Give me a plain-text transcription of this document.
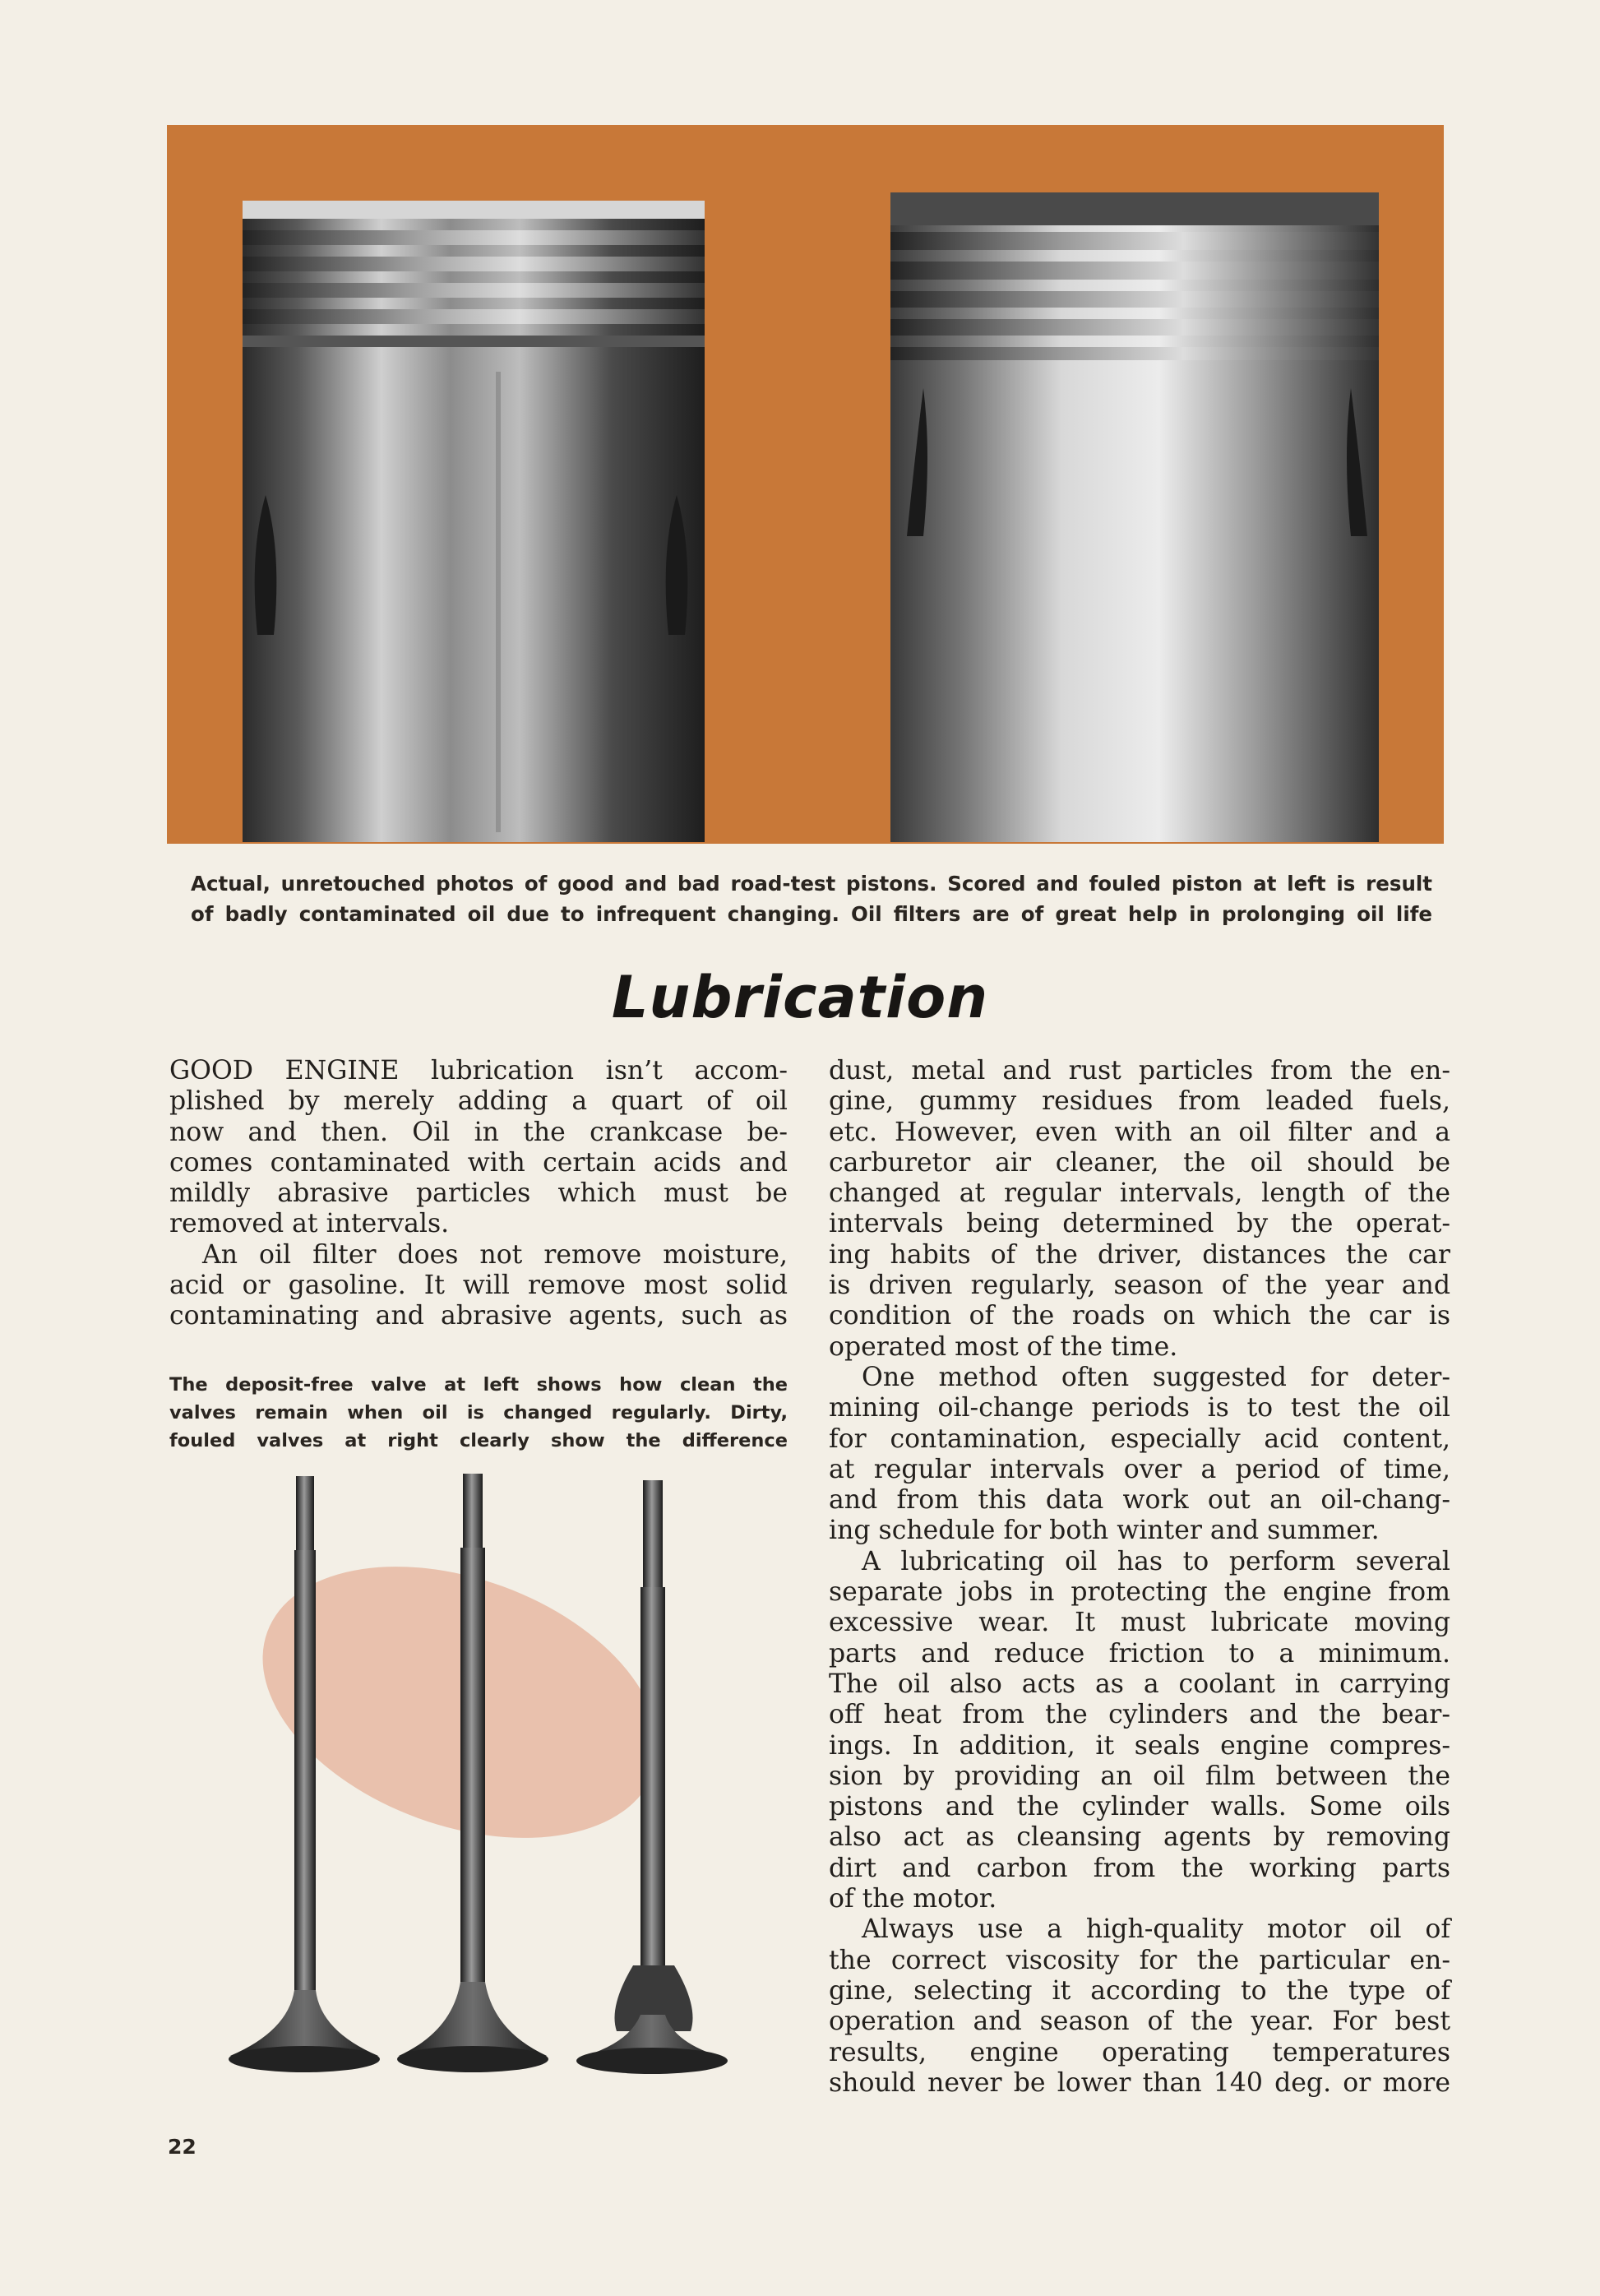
Actual, unretouched photos of good and bad road-test pistons. Scored and fouled piston at left is result
of badly contaminated oil due to infrequent changing. Oil filters are of great help in prolonging oil life
Lubrication
GOOD ENGINE lubrication isn’t accom-
plished by merely adding a quart of oil
now and then. Oil in the crankcase be-
comes contaminated with certain acids and
mildly abrasive particles which must be
removed at intervals.
An oil filter does not remove moisture,
acid or gasoline. It will remove most solid
contaminating and abrasive agents, such as
The deposit-free valve at left shows how clean the
valves remain when oil is changed regularly. Dirty,
fouled valves at right clearly show the difference
dust, metal and rust particles from the en-
gine, gummy residues from leaded fuels,
etc. However, even with an oil filter and a
carburetor air cleaner, the oil should be
changed at regular intervals, length of the
intervals being determined by the operat-
ing habits of the driver, distances the car
is driven regularly, season of the year and
condition of the roads on which the car is
operated most of the time.
One method often suggested for deter-
mining oil-change periods is to test the oil
for contamination, especially acid content,
at regular intervals over a period of time,
and from this data work out an oil-chang-
ing schedule for both winter and summer.
A lubricating oil has to perform several
separate jobs in protecting the engine from
excessive wear. It must lubricate moving
parts and reduce friction to a minimum.
The oil also acts as a coolant in carrying
off heat from the cylinders and the bear-
ings. In addition, it seals engine compres-
sion by providing an oil film between the
pistons and the cylinder walls. Some oils
also act as cleansing agents by removing
dirt and carbon from the working parts
of the motor.
Always use a high-quality motor oil of
the correct viscosity for the particular en-
gine, selecting it according to the type of
operation and season of the year. For best
results, engine operating temperatures
should never be lower than 140 deg. or more
22
